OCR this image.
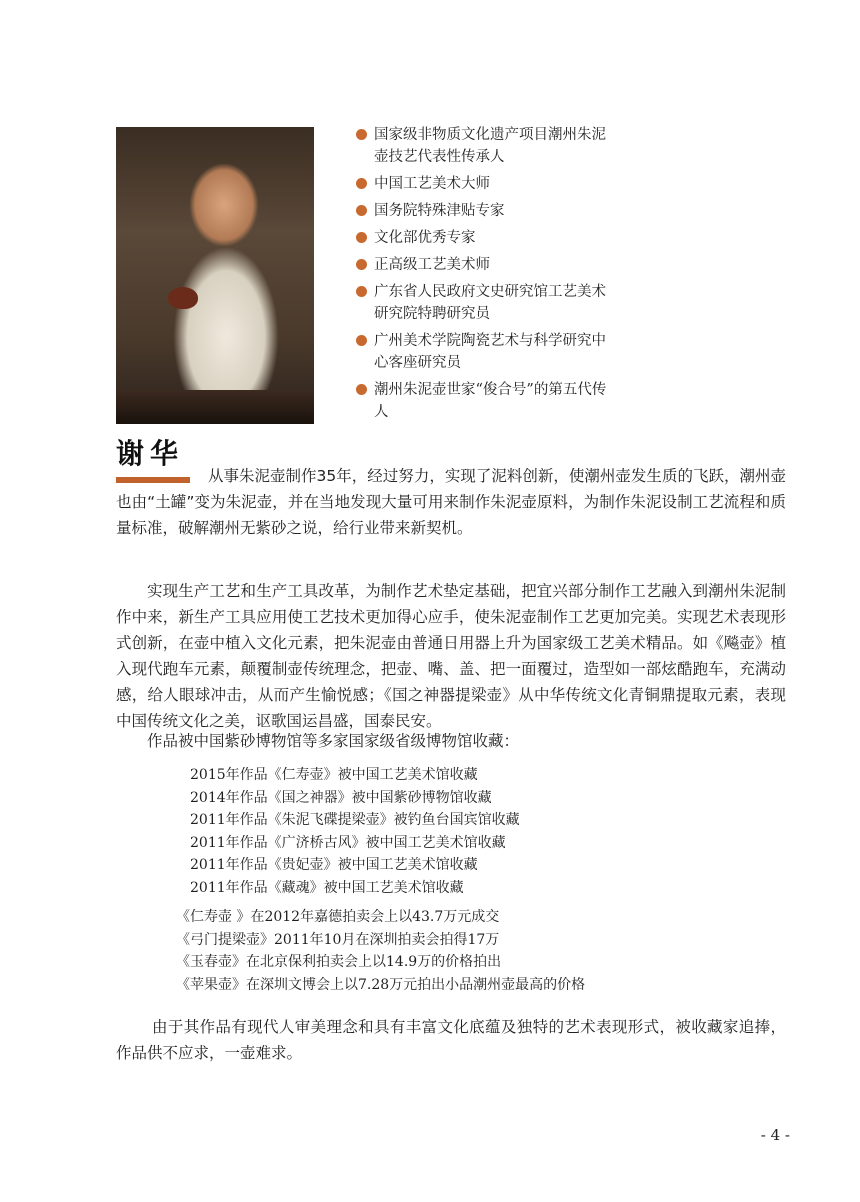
国家级非物质文化遗产项目潮州朱泥壶技艺代表性传承人
中国工艺美术大师
国务院特殊津贴专家
文化部优秀专家
正高级工艺美术师
广东省人民政府文史研究馆工艺美术研究院特聘研究员
广州美术学院陶瓷艺术与科学研究中心客座研究员
潮州朱泥壶世家“俊合号”的第五代传人
谢华

从事朱泥壶制作35年，经过努力，实现了泥料创新，使潮州壶发生质的飞跃，潮州壶也由“土罐”变为朱泥壶，并在当地发现大量可用来制作朱泥壶原料，为制作朱泥设制工艺流程和质量标准，破解潮州无紫砂之说，给行业带来新契机。

实现生产工艺和生产工具改革，为制作艺术垫定基础，把宜兴部分制作工艺融入到潮州朱泥制作中来，新生产工具应用使工艺技术更加得心应手，使朱泥壶制作工艺更加完美。实现艺术表现形式创新，在壶中植入文化元素，把朱泥壶由普通日用器上升为国家级工艺美术精品。如《飚壶》植入现代跑车元素，颠覆制壶传统理念，把壶、嘴、盖、把一面覆过，造型如一部炫酷跑车，充满动感，给人眼球冲击，从而产生愉悦感；《国之神器提梁壶》从中华传统文化青铜鼎提取元素，表现中国传统文化之美，讴歌国运昌盛，国泰民安。

作品被中国紫砂博物馆等多家国家级省级博物馆收藏：

2015年作品《仁寿壶》被中国工艺美术馆收藏
2014年作品《国之神器》被中国紫砂博物馆收藏
2011年作品《朱泥飞碟提梁壶》被钓鱼台国宾馆收藏
2011年作品《广济桥古风》被中国工艺美术馆收藏
2011年作品《贵妃壶》被中国工艺美术馆收藏
2011年作品《藏魂》被中国工艺美术馆收藏
《仁寿壶 》在2012年嘉德拍卖会上以43.7万元成交
《弓门提梁壶》2011年10月在深圳拍卖会拍得17万
《玉春壶》在北京保利拍卖会上以14.9万的价格拍出
《苹果壶》在深圳文博会上以7.28万元拍出小品潮州壶最高的价格

由于其作品有现代人审美理念和具有丰富文化底蕴及独特的艺术表现形式，被收藏家追捧，作品供不应求，一壶难求。

- 4 -
